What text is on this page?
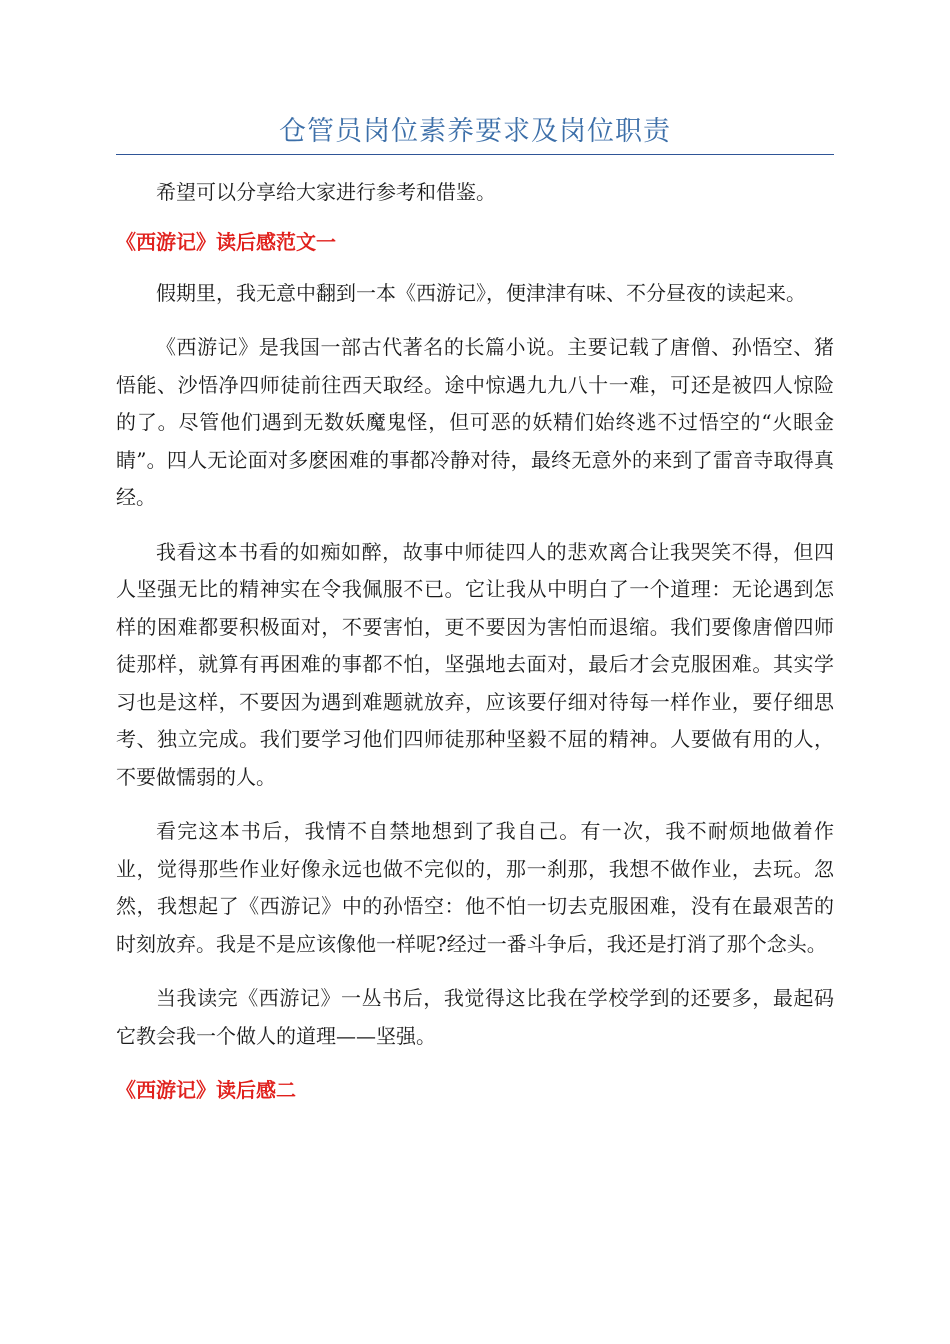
仓管员岗位素养要求及岗位职责

希望可以分享给大家进行参考和借鉴。

《西游记》读后感范文一

假期里，我无意中翻到一本《西游记》，便津津有味、不分昼夜的读起来。

《西游记》是我国一部古代著名的长篇小说。主要记载了唐僧、孙悟空、猪悟能、沙悟净四师徒前往西天取经。途中惊遇九九八十一难，可还是被四人惊险的了。尽管他们遇到无数妖魔鬼怪，但可恶的妖精们始终逃不过悟空的“火眼金睛”。四人无论面对多麽困难的事都冷静对待，最终无意外的来到了雷音寺取得真经。

我看这本书看的如痴如醉，故事中师徒四人的悲欢离合让我哭笑不得，但四人坚强无比的精神实在令我佩服不已。它让我从中明白了一个道理：无论遇到怎样的困难都要积极面对，不要害怕，更不要因为害怕而退缩。我们要像唐僧四师徒那样，就算有再困难的事都不怕，坚强地去面对，最后才会克服困难。其实学习也是这样，不要因为遇到难题就放弃，应该要仔细对待每一样作业，要仔细思考、独立完成。我们要学习他们四师徒那种坚毅不屈的精神。人要做有用的人，不要做懦弱的人。

看完这本书后，我情不自禁地想到了我自己。有一次，我不耐烦地做着作业，觉得那些作业好像永远也做不完似的，那一刹那，我想不做作业，去玩。忽然，我想起了《西游记》中的孙悟空：他不怕一切去克服困难，没有在最艰苦的时刻放弃。我是不是应该像他一样呢?经过一番斗争后，我还是打消了那个念头。

当我读完《西游记》一丛书后，我觉得这比我在学校学到的还要多，最起码它教会我一个做人的道理——坚强。

《西游记》读后感二
